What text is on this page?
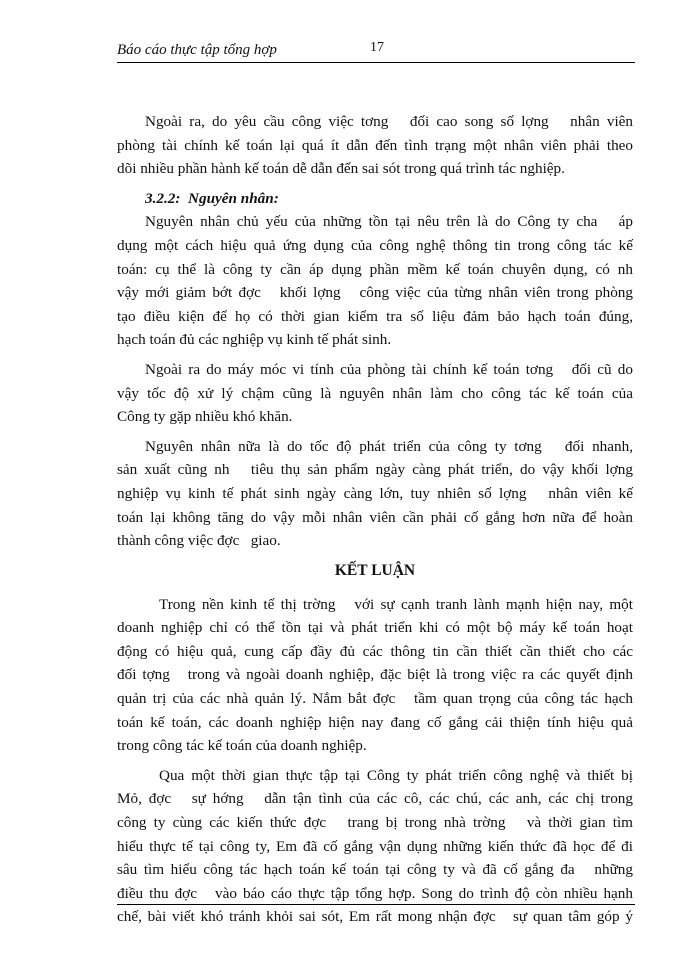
Báo cáo thực tập tổng hợp	17
Ngoài ra, do yêu cầu công việc tơng   đối cao song số lợng   nhân viên
phòng tài chính kế toán lại quá ít dẫn đến tình trạng một nhân viên phải theo
dõi nhiều phần hành kế toán dễ dẫn đến sai sót trong quá trình tác nghiệp.
3.2.2:  Nguyên nhân:
Nguyên nhân chủ yếu của những tồn tại nêu trên là do Công ty cha   áp
dụng một cách hiệu quả ứng dụng của công nghệ thông tin trong công tác kế
toán: cụ thể là công ty cần áp dụng phần mềm kế toán chuyên dụng, có nh
vậy mới giảm bớt đợc   khối lợng   công việc của từng nhân viên trong phòng
tạo điều kiện để họ có thời gian kiểm tra số liệu đảm bảo hạch toán đúng,
hạch toán đủ các nghiệp vụ kinh tế phát sinh.
Ngoài ra do máy móc vi tính của phòng tài chính kế toán tơng   đối cũ do
vậy tốc độ xử lý chậm cũng là nguyên nhân làm cho công tác kế toán của
Công ty gặp nhiều khó khăn.
Nguyên nhân nữa là do tốc độ phát triển của công ty tơng   đối nhanh,
sản xuất cũng nh   tiêu thụ sản phẩm ngày càng phát triển, do vậy khối lợng
nghiệp vụ kinh tế phát sinh ngày càng lớn, tuy nhiên số lợng   nhân viên kế
toán lại không tăng do vậy mỗi nhân viên cần phải cố gắng hơn nữa để hoàn
thành công việc đợc   giao.
KẾT LUẬN
Trong nền kinh tế thị trờng   với sự cạnh tranh lành mạnh hiện nay, một
doanh nghiệp chỉ có thể tồn tại và phát triển khi có một bộ máy kế toán hoạt
động có hiệu quả, cung cấp đầy đủ các thông tin cần thiết cần thiết cho các
đối tợng   trong và ngoài doanh nghiệp, đặc biệt là trong việc ra các quyết định
quản trị của các nhà quản lý. Nắm bắt đợc   tầm quan trọng của công tác hạch
toán kế toán, các doanh nghiệp hiện nay đang cố gắng cải thiện tính hiệu quả
trong công tác kế toán của doanh nghiệp.
Qua một thời gian thực tập tại Công ty phát triển công nghệ và thiết bị
Mỏ, đợc   sự hớng   dẫn tận tình của các cô, các chú, các anh, các chị trong
công ty cùng các kiến thức đợc   trang bị trong nhà trờng   và thời gian tìm
hiểu thực tế tại công ty, Em đã cố gắng vận dụng những kiến thức đã học để đi
sâu tìm hiểu công tác hạch toán kế toán tại công ty và đã cố gắng đa   những
điều thu đợc   vào báo cáo thực tập tổng hợp. Song do trình độ còn nhiều hạnh
chế, bài viết khó tránh khỏi sai sót, Em rất mong nhận đợc   sự quan tâm góp ý
